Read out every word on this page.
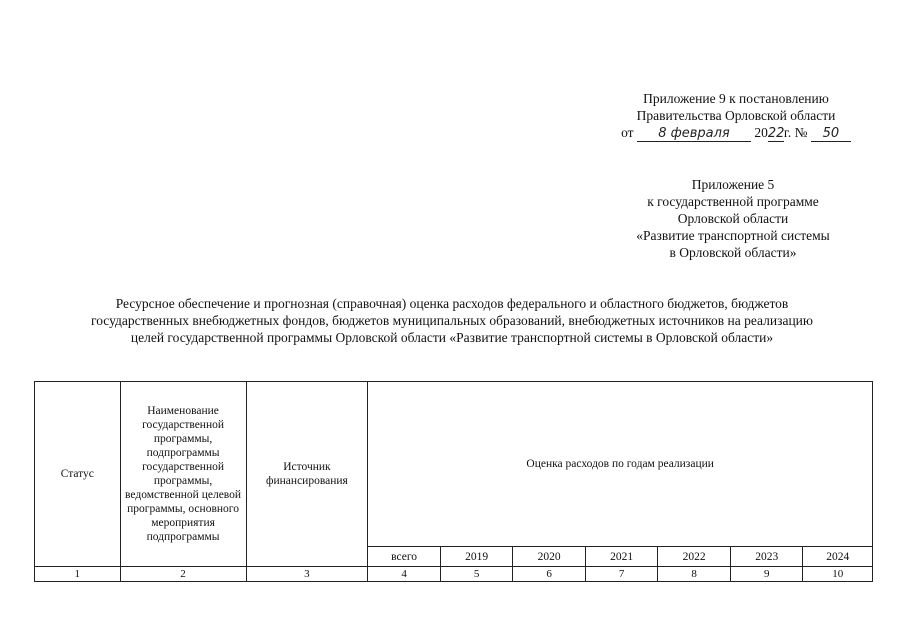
Приложение 9 к постановлению
Правительства Орловской области
от 8 февраля 2022г. № 50
Приложение 5
к государственной программе
Орловской области
«Развитие транспортной системы
в Орловской области»
Ресурсное обеспечение и прогнозная (справочная) оценка расходов федерального и областного бюджетов, бюджетов
государственных внебюджетных фондов, бюджетов муниципальных образований, внебюджетных источников на реализацию
целей государственной программы Орловской области «Развитие транспортной системы в Орловской области»
Статус	Наименование государственной программы, подпрограммы государственной программы, ведомственной целевой программы, основного мероприятия подпрограммы	Источник финансирования	Оценка расходов по годам реализации						
			всего	2019	2020	2021	2022	2023	2024
1	2	3	4	5	6	7	8	9	10
